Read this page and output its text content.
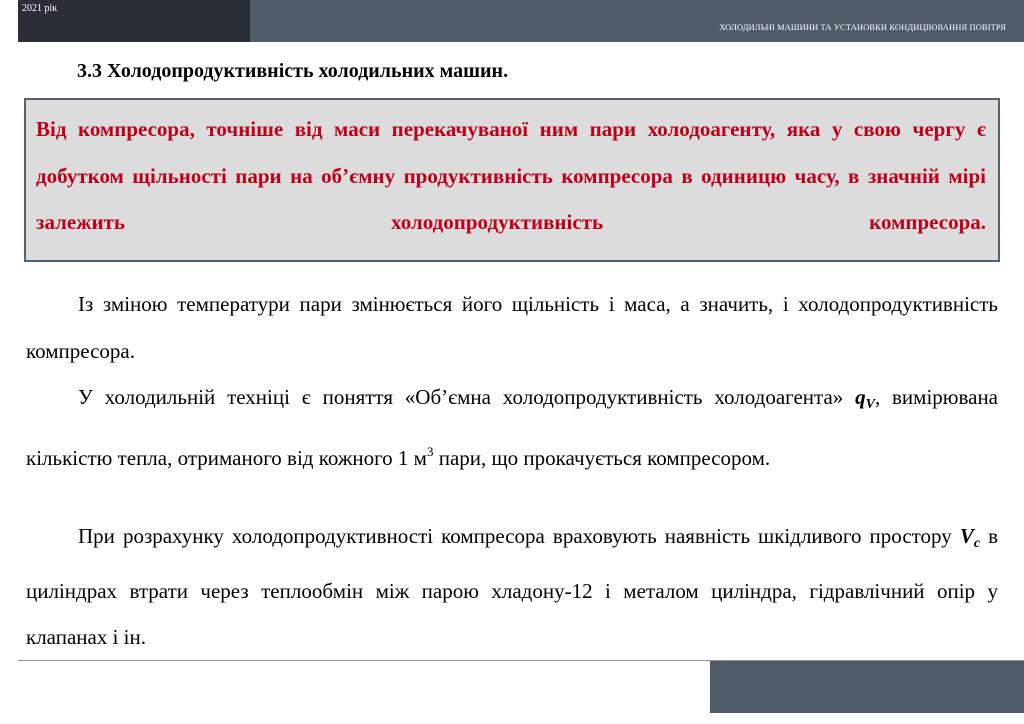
2021 рік
ХОЛОДИЛЬНІ МАШИНИ ТА УСТАНОВКИ КОНДИЦІЮВАННЯ ПОВІТРЯ
3.3 Холодопродуктивність холодильних машин.

Від компресора, точніше від маси перекачуваної ним пари холодоагенту, яка у свою чергу є добутком щільності пари на об’ємну продуктивність компресора в одиницю часу, в значній мірі залежить холодопродуктивність компресора.

Із зміною температури пари змінюється його щільність і маса, а значить, і холодопродуктивність компресора.

У холодильній техніці є поняття «Об’ємна холодопродуктивність холодоагента» $q_V$, вимірювана кількістю тепла, отриманого від кожного 1 $м^3$ пари, що прокачується компресором.

При розрахунку холодопродуктивності компресора враховують наявність шкідливого простору $V_c$ в циліндрах втрати через теплообмін між парою хладону-12 і металом циліндра, гідравлічний опір у клапанах і ін.
